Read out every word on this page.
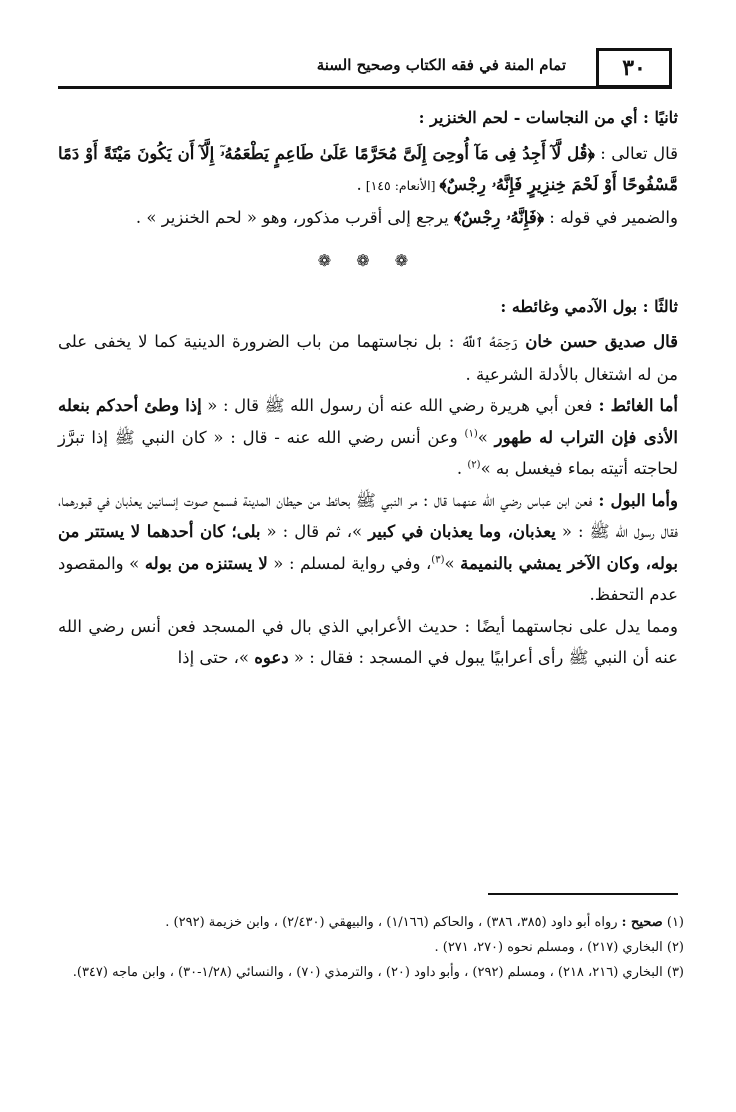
٣٠
تمام المنة في فقه الكتاب وصحيح السنة

ثانيًا : أي من النجاسات - لحم الخنزير :

قال تعالى : ﴿قُل لَّآ أَجِدُ فِى مَآ أُوحِىَ إِلَىَّ مُحَرَّمًا عَلَىٰ طَاعِمٍ يَطْعَمُهُۥٓ إِلَّآ أَن يَكُونَ مَيْتَةً أَوْ دَمًا مَّسْفُوحًا أَوْ لَحْمَ خِنزِيرٍ فَإِنَّهُۥ رِجْسٌ﴾ [الأنعام: ١٤٥] .

والضمير في قوله : ﴿فَإِنَّهُۥ رِجْسٌ﴾ يرجع إلى أقرب مذكور، وهو « لحم الخنزير » .

❁ ❁ ❁

ثالثًا : بول الآدمي وغائطه :

قال صديق حسن خان رَحِمَهُ ٱللَّهُ : بل نجاستهما من باب الضرورة الدينية كما لا يخفى على من له اشتغال بالأدلة الشرعية .

أما الغائط : فعن أبي هريرة رضي الله عنه أن رسول الله ﷺ قال : « إذا وطئ أحدكم بنعله الأذى فإن التراب له طهور »$^{(١)}$ وعن أنس رضي الله عنه - قال : « كان النبي ﷺ إذا تبرَّز لحاجته أتيته بماء فيغسل به »$^{(٢)}$ .

وأما البول : فعن ابن عباس رضي الله عنهما قال : مر النبي ﷺ بحائط من حيطان المدينة فسمع صوت إنسانين يعذبان في قبورهما، فقال رسول الله ﷺ : « يعذبان، وما يعذبان في كبير »، ثم قال : « بلى؛ كان أحدهما لا يستتر من بوله، وكان الآخر يمشي بالنميمة »$^{(٣)}$، وفي رواية لمسلم : « لا يستنزه من بوله » والمقصود عدم التحفظ.

ومما يدل على نجاستهما أيضًا : حديث الأعرابي الذي بال في المسجد فعن أنس رضي الله عنه أن النبي ﷺ رأى أعرابيًا يبول في المسجد : فقال : « دعوه »، حتى إذا

(١) صحيح : رواه أبو داود (٣٨٥، ٣٨٦) ، والحاكم (١/١٦٦) ، والبيهقي (٢/٤٣٠) ، وابن خزيمة (٢٩٢) .

(٢) البخاري (٢١٧) ، ومسلم نحوه (٢٧٠، ٢٧١) .

(٣) البخاري (٢١٦، ٢١٨) ، ومسلم (٢٩٢) ، وأبو داود (٢٠) ، والترمذي (٧٠) ، والنسائي (١/٢٨-٣٠) ، وابن ماجه (٣٤٧).
